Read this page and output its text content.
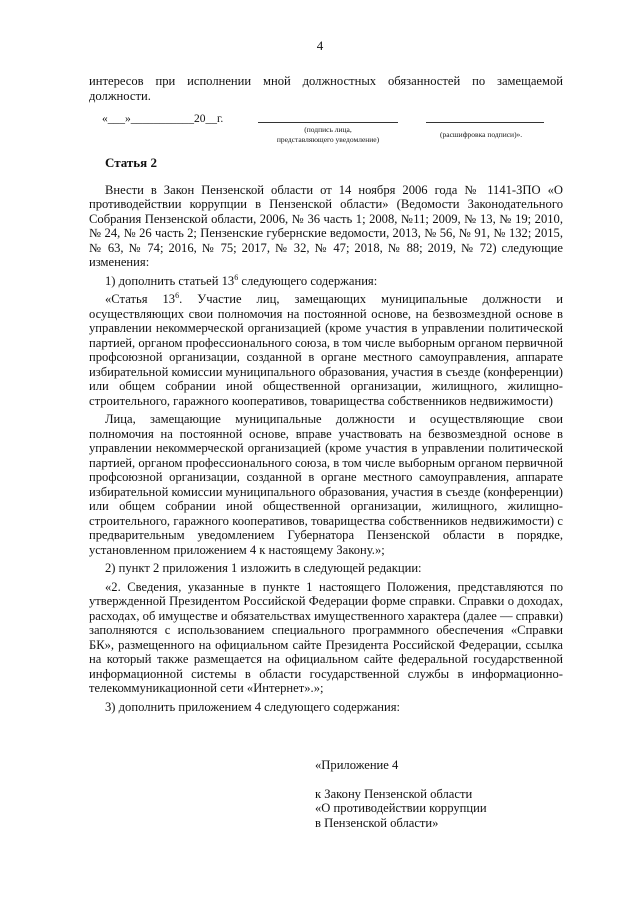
4

интересов при исполнении мной должностных обязанностей по замещаемой должности.

«___»___________20__г.
(подпись лица,
представляющего уведомление)
(расшифровка подписи)».

Статья 2

Внести в Закон Пензенской области от 14 ноября 2006 года № 1141-ЗПО «О противодействии коррупции в Пензенской области» (Ведомости Законодательного Собрания Пензенской области, 2006, № 36 часть 1; 2008, №11; 2009, № 13, № 19; 2010, № 24, № 26 часть 2; Пензенские губернские ведомости, 2013, № 56, № 91, № 132; 2015, № 63, № 74; 2016, № 75; 2017, № 32, № 47; 2018, № 88; 2019, № 72) следующие изменения:

1) дополнить статьей $13^6$ следующего содержания:

«Статья $13^6$. Участие лиц, замещающих муниципальные должности и осуществляющих свои полномочия на постоянной основе, на безвозмездной основе в управлении некоммерческой организацией (кроме участия в управлении политической партией, органом профессионального союза, в том числе выборным органом первичной профсоюзной организации, созданной в органе местного самоуправления, аппарате избирательной комиссии муниципального образования, участия в съезде (конференции) или общем собрании иной общественной организации, жилищного, жилищно-строительного, гаражного кооперативов, товарищества собственников недвижимости)

Лица, замещающие муниципальные должности и осуществляющие свои полномочия на постоянной основе, вправе участвовать на безвозмездной основе в управлении некоммерческой организацией (кроме участия в управлении политической партией, органом профессионального союза, в том числе выборным органом первичной профсоюзной организации, созданной в органе местного самоуправления, аппарате избирательной комиссии муниципального образования, участия в съезде (конференции) или общем собрании иной общественной организации, жилищного, жилищно-строительного, гаражного кооперативов, товарищества собственников недвижимости) с предварительным уведомлением Губернатора Пензенской области в порядке, установленном приложением 4 к настоящему Закону.»;

2) пункт 2 приложения 1 изложить в следующей редакции:

«2. Сведения, указанные в пункте 1 настоящего Положения, представляются по утвержденной Президентом Российской Федерации форме справки. Справки о доходах, расходах, об имуществе и обязательствах имущественного характера (далее — справки) заполняются с использованием специального программного обеспечения «Справки БК», размещенного на официальном сайте Президента Российской Федерации, ссылка на который также размещается на официальном сайте федеральной государственной информационной системы в области государственной службы в информационно-телекоммуникационной сети «Интернет».»;

3) дополнить приложением 4 следующего содержания:

«Приложение 4
к Закону Пензенской области
«О противодействии коррупции в Пензенской области»
